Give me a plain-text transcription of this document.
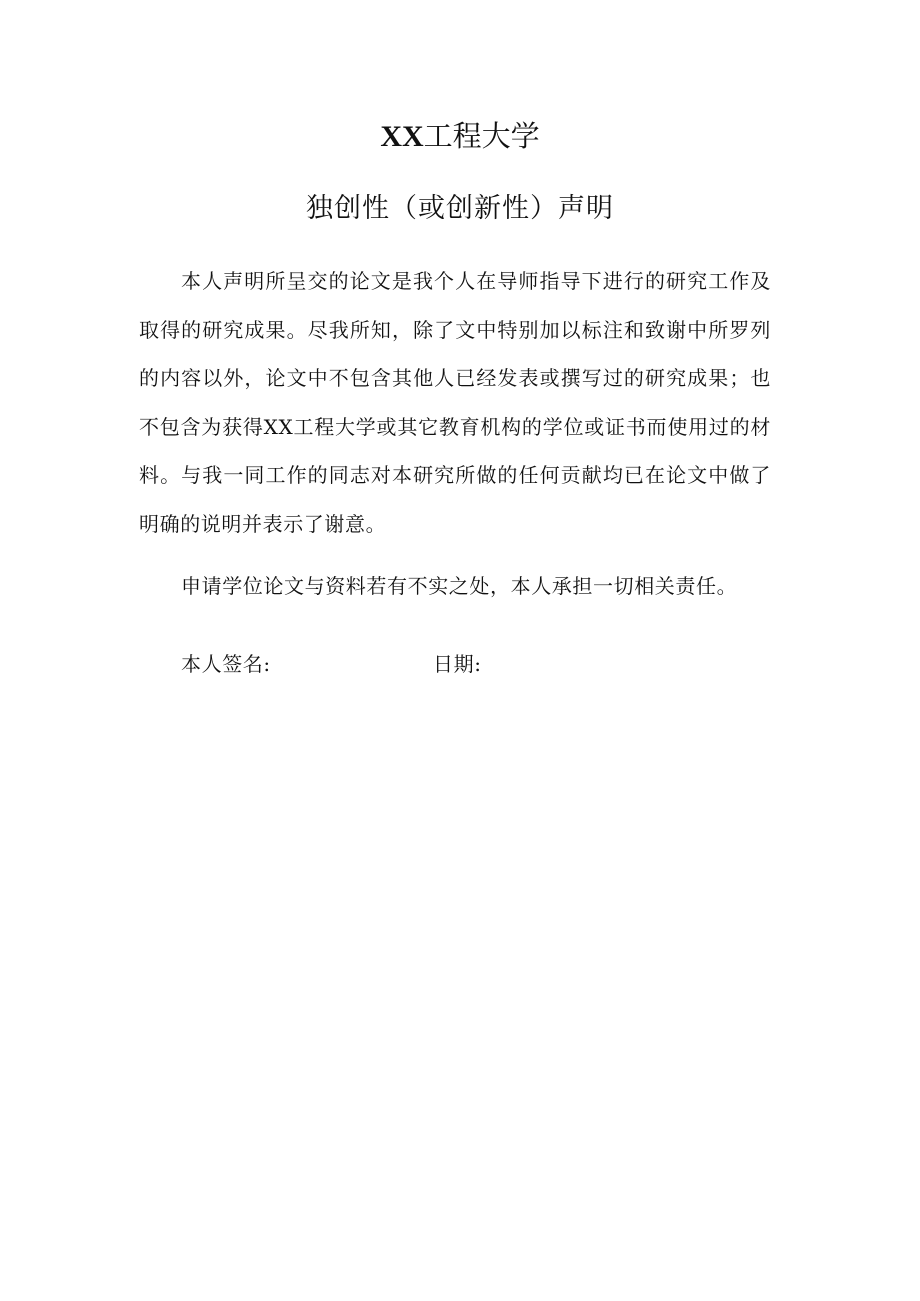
XX工程大学
独创性（或创新性）声明

本人声明所呈交的论文是我个人在导师指导下进行的研究工作及取得的研究成果。尽我所知，除了文中特别加以标注和致谢中所罗列的内容以外，论文中不包含其他人已经发表或撰写过的研究成果；也不包含为获得XX工程大学或其它教育机构的学位或证书而使用过的材料。与我一同工作的同志对本研究所做的任何贡献均已在论文中做了明确的说明并表示了谢意。

申请学位论文与资料若有不实之处，本人承担一切相关责任。

本人签名:	日期:
